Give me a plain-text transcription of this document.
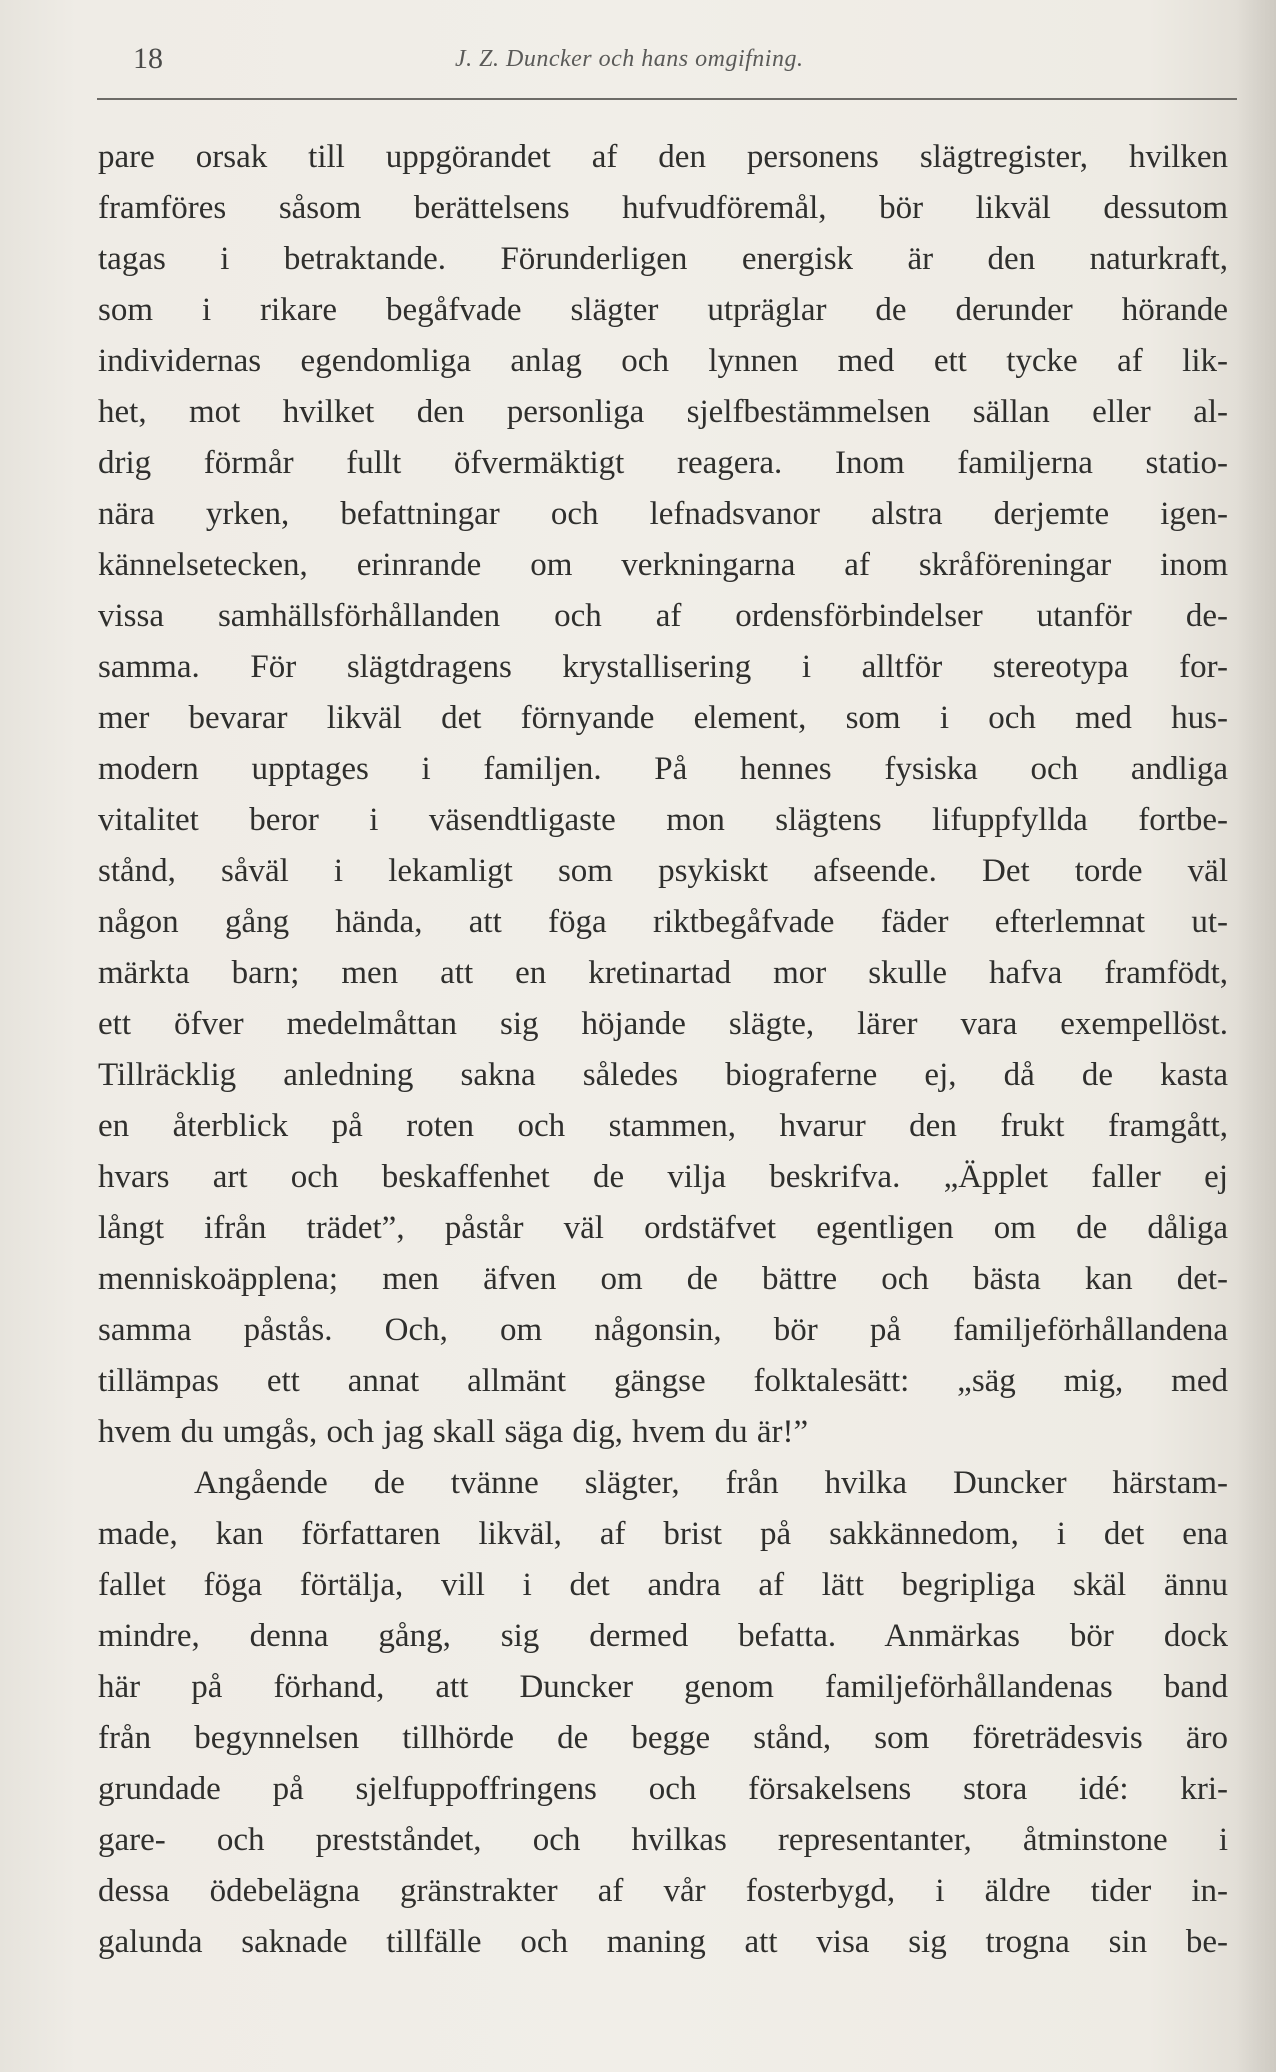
18	J. Z. Duncker och hans omgifning.
pare orsak till uppgörandet af den personens slägtregister, hvilken
framföres såsom berättelsens hufvudföremål, bör likväl dessutom
tagas i betraktande. Förunderligen energisk är den naturkraft,
som i rikare begåfvade slägter utpräglar de derunder hörande
individernas egendomliga anlag och lynnen med ett tycke af lik-
het, mot hvilket den personliga sjelfbestämmelsen sällan eller al-
drig förmår fullt öfvermäktigt reagera. Inom familjerna statio-
nära yrken, befattningar och lefnadsvanor alstra derjemte igen-
kännelsetecken, erinrande om verkningarna af skråföreningar inom
vissa samhällsförhållanden och af ordensförbindelser utanför de-
samma. För slägtdragens krystallisering i alltför stereotypa for-
mer bevarar likväl det förnyande element, som i och med hus-
modern upptages i familjen. På hennes fysiska och andliga
vitalitet beror i väsendtligaste mon slägtens lifuppfyllda fortbe-
stånd, såväl i lekamligt som psykiskt afseende. Det torde väl
någon gång hända, att föga riktbegåfvade fäder efterlemnat ut-
märkta barn; men att en kretinartad mor skulle hafva framfödt,
ett öfver medelmåttan sig höjande slägte, lärer vara exempellöst.
Tillräcklig anledning sakna således biograferne ej, då de kasta
en återblick på roten och stammen, hvarur den frukt framgått,
hvars art och beskaffenhet de vilja beskrifva. „Äpplet faller ej
långt ifrån trädet”, påstår väl ordstäfvet egentligen om de dåliga
menniskoäpplena; men äfven om de bättre och bästa kan det-
samma påstås. Och, om någonsin, bör på familjeförhållandena
tillämpas ett annat allmänt gängse folktalesätt: „säg mig, med
hvem du umgås, och jag skall säga dig, hvem du är!”
Angående de tvänne slägter, från hvilka Duncker härstam-
made, kan författaren likväl, af brist på sakkännedom, i det ena
fallet föga förtälja, vill i det andra af lätt begripliga skäl ännu
mindre, denna gång, sig dermed befatta. Anmärkas bör dock
här på förhand, att Duncker genom familjeförhållandenas band
från begynnelsen tillhörde de begge stånd, som företrädesvis äro
grundade på sjelfuppoffringens och försakelsens stora idé: kri-
gare- och prestståndet, och hvilkas representanter, åtminstone i
dessa ödebelägna gränstrakter af vår fosterbygd, i äldre tider in-
galunda saknade tillfälle och maning att visa sig trogna sin be-
